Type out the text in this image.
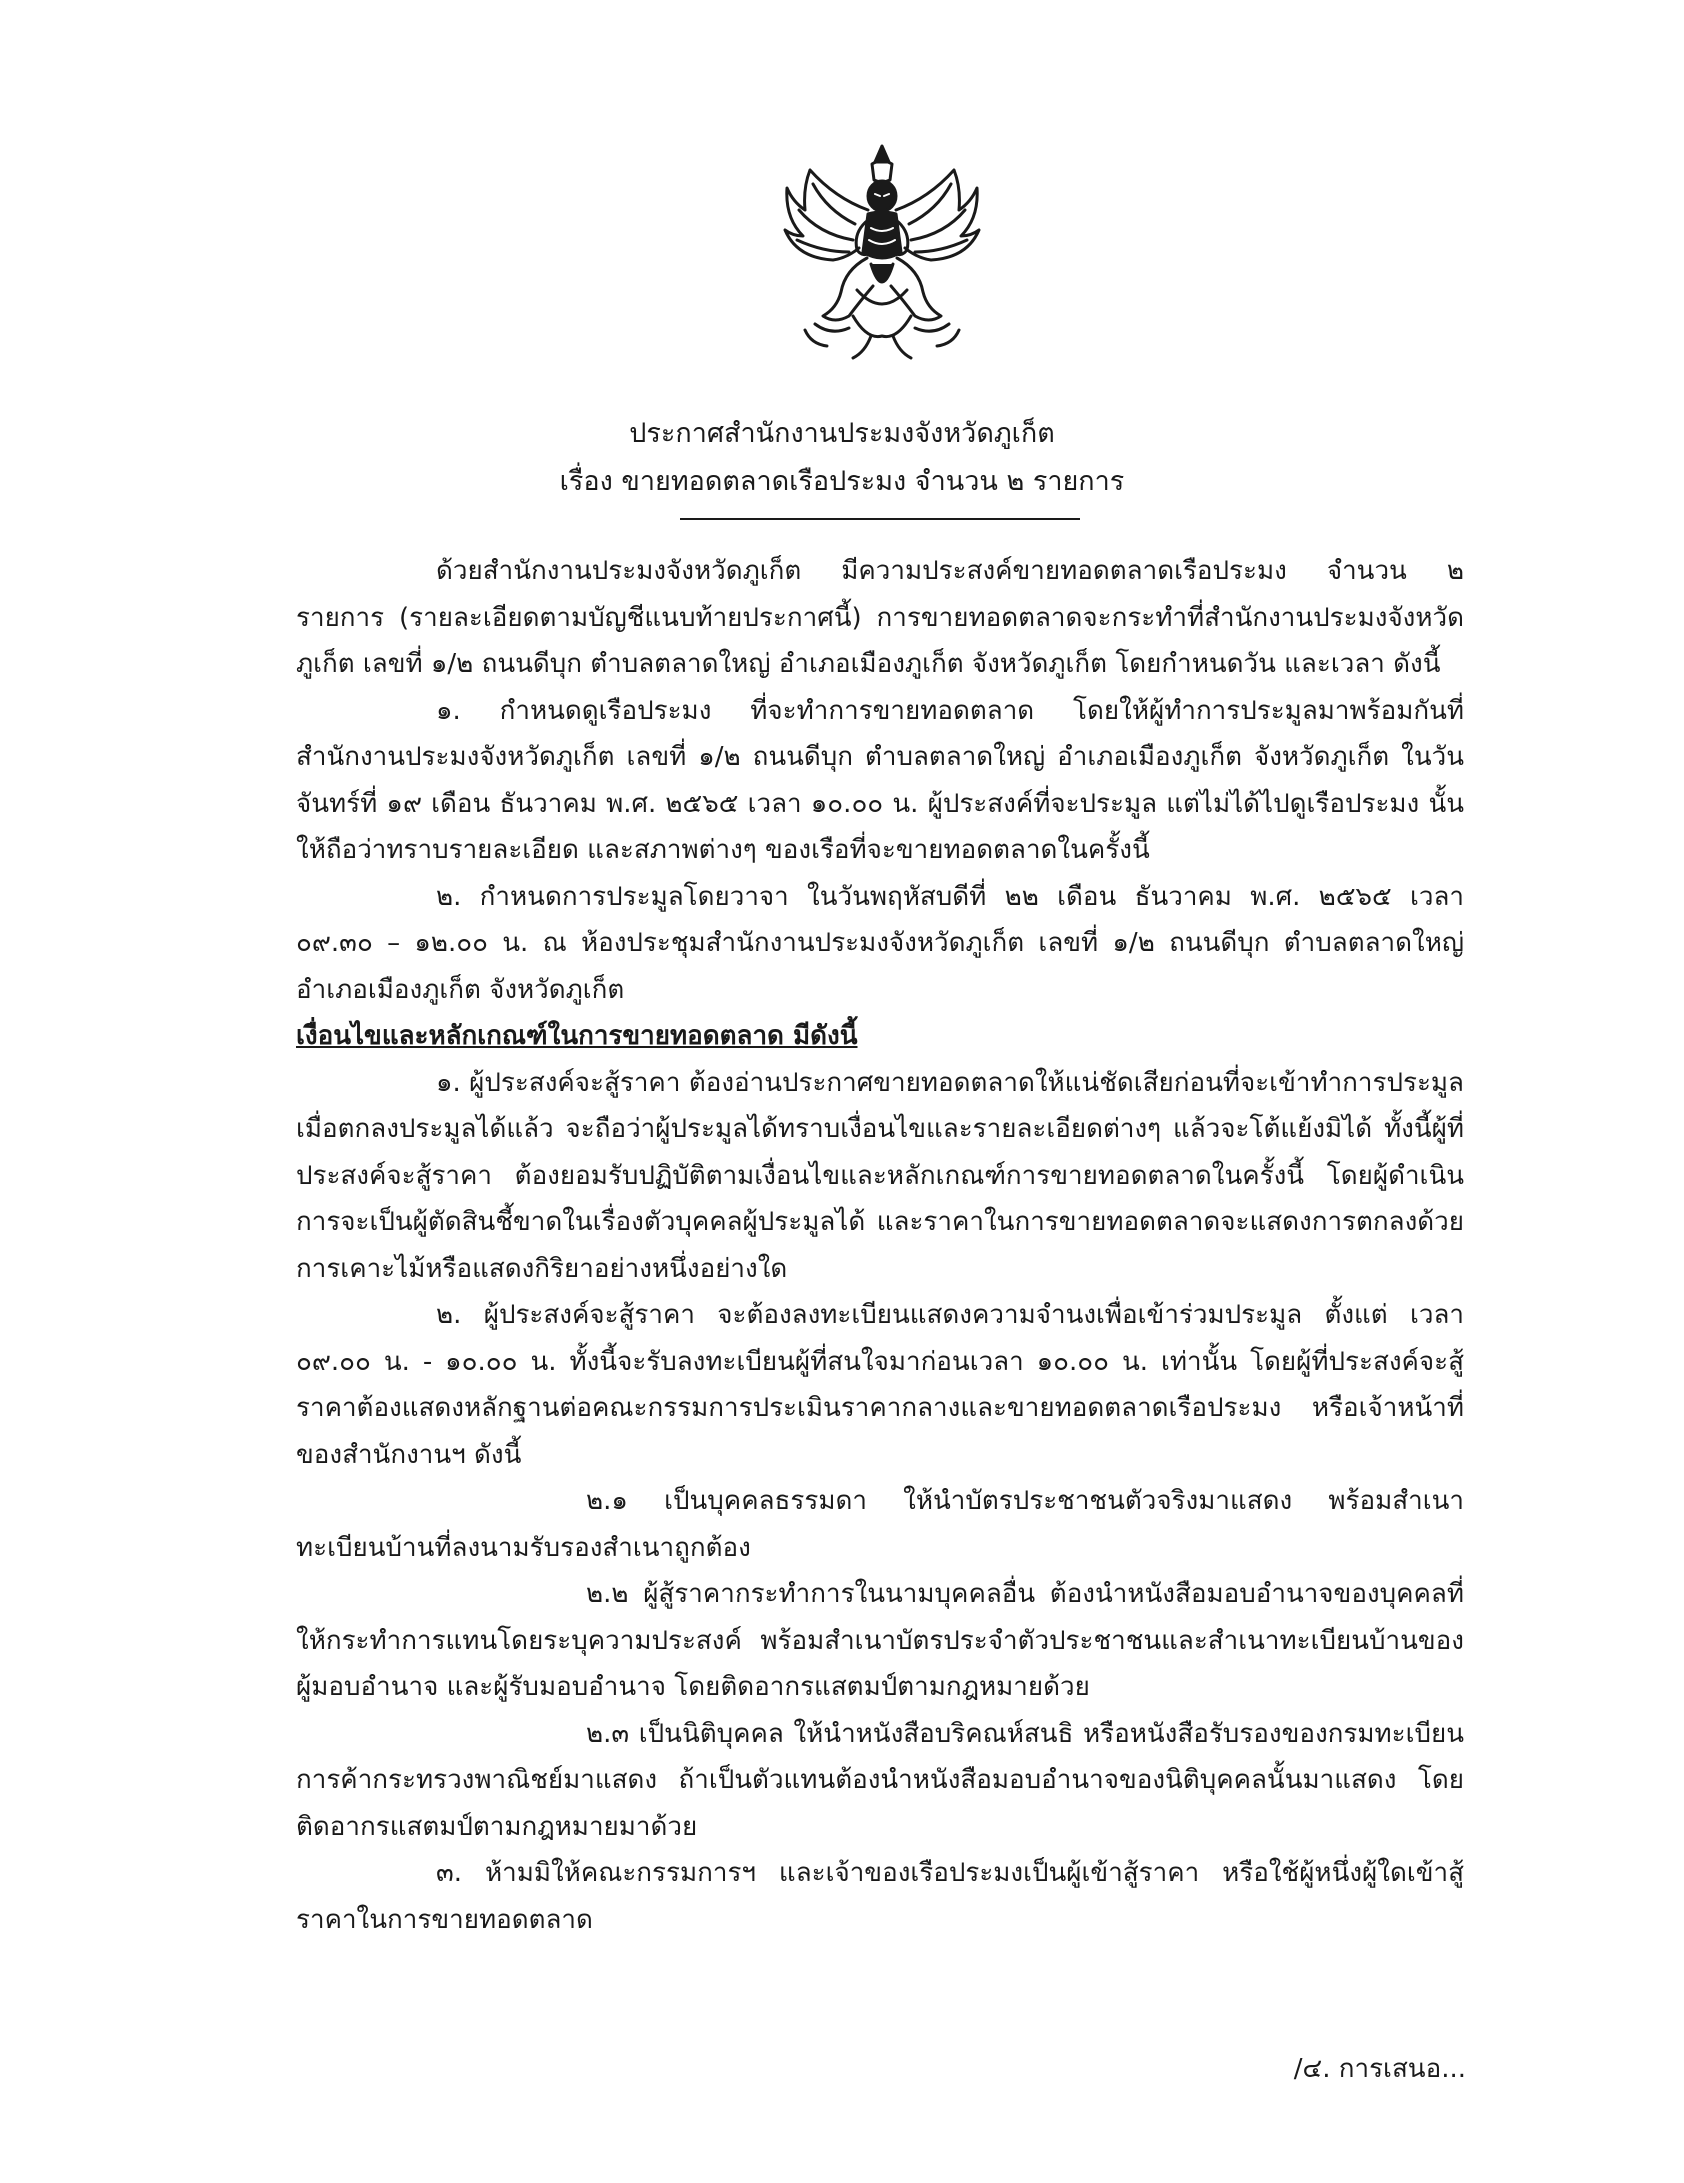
ประกาศสำนักงานประมงจังหวัดภูเก็ต
เรื่อง ขายทอดตลาดเรือประมง จำนวน ๒ รายการ

ด้วยสำนักงานประมงจังหวัดภูเก็ต มีความประสงค์ขายทอดตลาดเรือประมง จำนวน ๒ รายการ (รายละเอียดตามบัญชีแนบท้ายประกาศนี้) การขายทอดตลาดจะกระทำที่สำนักงานประมงจังหวัดภูเก็ต เลขที่ ๑/๒ ถนนดีบุก ตำบลตลาดใหญ่ อำเภอเมืองภูเก็ต จังหวัดภูเก็ต โดยกำหนดวัน และเวลา ดังนี้

๑. กำหนดดูเรือประมง ที่จะทำการขายทอดตลาด โดยให้ผู้ทำการประมูลมาพร้อมกันที่สำนักงานประมงจังหวัดภูเก็ต เลขที่ ๑/๒ ถนนดีบุก ตำบลตลาดใหญ่ อำเภอเมืองภูเก็ต จังหวัดภูเก็ต ในวันจันทร์ที่ ๑๙ เดือน ธันวาคม พ.ศ. ๒๕๖๕ เวลา ๑๐.๐๐ น. ผู้ประสงค์ที่จะประมูล แต่ไม่ได้ไปดูเรือประมง นั้น ให้ถือว่าทราบรายละเอียด และสภาพต่างๆ ของเรือที่จะขายทอดตลาดในครั้งนี้

๒. กำหนดการประมูลโดยวาจา ในวันพฤหัสบดีที่ ๒๒ เดือน ธันวาคม พ.ศ. ๒๕๖๕ เวลา ๐๙.๓๐ – ๑๒.๐๐ น. ณ ห้องประชุมสำนักงานประมงจังหวัดภูเก็ต เลขที่ ๑/๒ ถนนดีบุก ตำบลตลาดใหญ่ อำเภอเมืองภูเก็ต จังหวัดภูเก็ต

เงื่อนไขและหลักเกณฑ์ในการขายทอดตลาด มีดังนี้

๑. ผู้ประสงค์จะสู้ราคา ต้องอ่านประกาศขายทอดตลาดให้แน่ชัดเสียก่อนที่จะเข้าทำการประมูลเมื่อตกลงประมูลได้แล้ว จะถือว่าผู้ประมูลได้ทราบเงื่อนไขและรายละเอียดต่างๆ แล้วจะโต้แย้งมิได้ ทั้งนี้ผู้ที่ประสงค์จะสู้ราคา ต้องยอมรับปฏิบัติตามเงื่อนไขและหลักเกณฑ์การขายทอดตลาดในครั้งนี้ โดยผู้ดำเนินการจะเป็นผู้ตัดสินชี้ขาดในเรื่องตัวบุคคลผู้ประมูลได้ และราคาในการขายทอดตลาดจะแสดงการตกลงด้วยการเคาะไม้หรือแสดงกิริยาอย่างหนึ่งอย่างใด

๒. ผู้ประสงค์จะสู้ราคา จะต้องลงทะเบียนแสดงความจำนงเพื่อเข้าร่วมประมูล ตั้งแต่ เวลา ๐๙.๐๐ น. - ๑๐.๐๐ น. ทั้งนี้จะรับลงทะเบียนผู้ที่สนใจมาก่อนเวลา ๑๐.๐๐ น. เท่านั้น โดยผู้ที่ประสงค์จะสู้ราคาต้องแสดงหลักฐานต่อคณะกรรมการประเมินราคากลางและขายทอดตลาดเรือประมง หรือเจ้าหน้าที่ของสำนักงานฯ ดังนี้

๒.๑ เป็นบุคคลธรรมดา ให้นำบัตรประชาชนตัวจริงมาแสดง พร้อมสำเนาทะเบียนบ้านที่ลงนามรับรองสำเนาถูกต้อง

๒.๒ ผู้สู้ราคากระทำการในนามบุคคลอื่น ต้องนำหนังสือมอบอำนาจของบุคคลที่ให้กระทำการแทนโดยระบุความประสงค์ พร้อมสำเนาบัตรประจำตัวประชาชนและสำเนาทะเบียนบ้านของผู้มอบอำนาจ และผู้รับมอบอำนาจ โดยติดอากรแสตมป์ตามกฎหมายด้วย

๒.๓ เป็นนิติบุคคล ให้นำหนังสือบริคณห์สนธิ หรือหนังสือรับรองของกรมทะเบียนการค้ากระทรวงพาณิชย์มาแสดง ถ้าเป็นตัวแทนต้องนำหนังสือมอบอำนาจของนิติบุคคลนั้นมาแสดง โดยติดอากรแสตมป์ตามกฎหมายมาด้วย

๓. ห้ามมิให้คณะกรรมการฯ และเจ้าของเรือประมงเป็นผู้เข้าสู้ราคา หรือใช้ผู้หนึ่งผู้ใดเข้าสู้ราคาในการขายทอดตลาด

/๔. การเสนอ...
